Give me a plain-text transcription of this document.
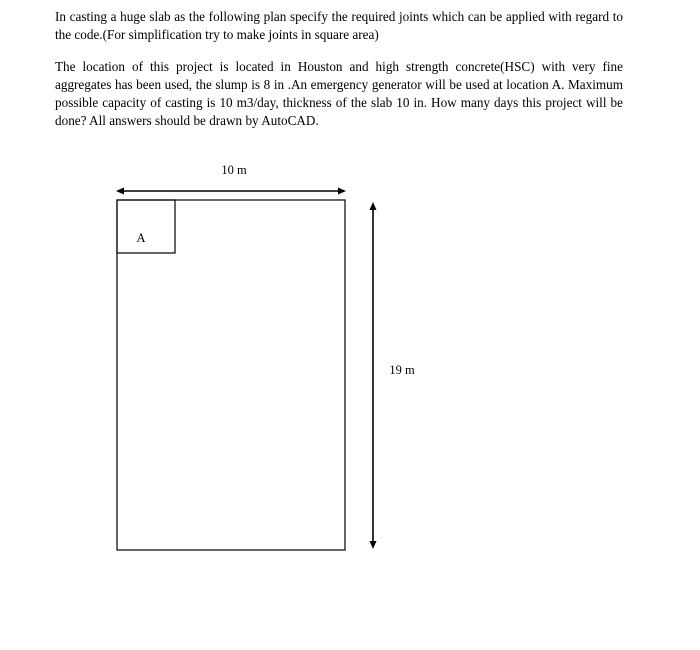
In casting a huge slab as the following plan specify the required joints which can be applied with regard to the code.(For simplification try to make joints in square area)

The location of this project is located in Houston and high strength concrete(HSC) with very fine aggregates has been used, the slump is 8 in .An emergency generator will be used at location A. Maximum possible capacity of casting is 10 m3/day, thickness of the slab 10 in. How many days this project will be done? All answers should be drawn by AutoCAD.

10 m
A
19 m
